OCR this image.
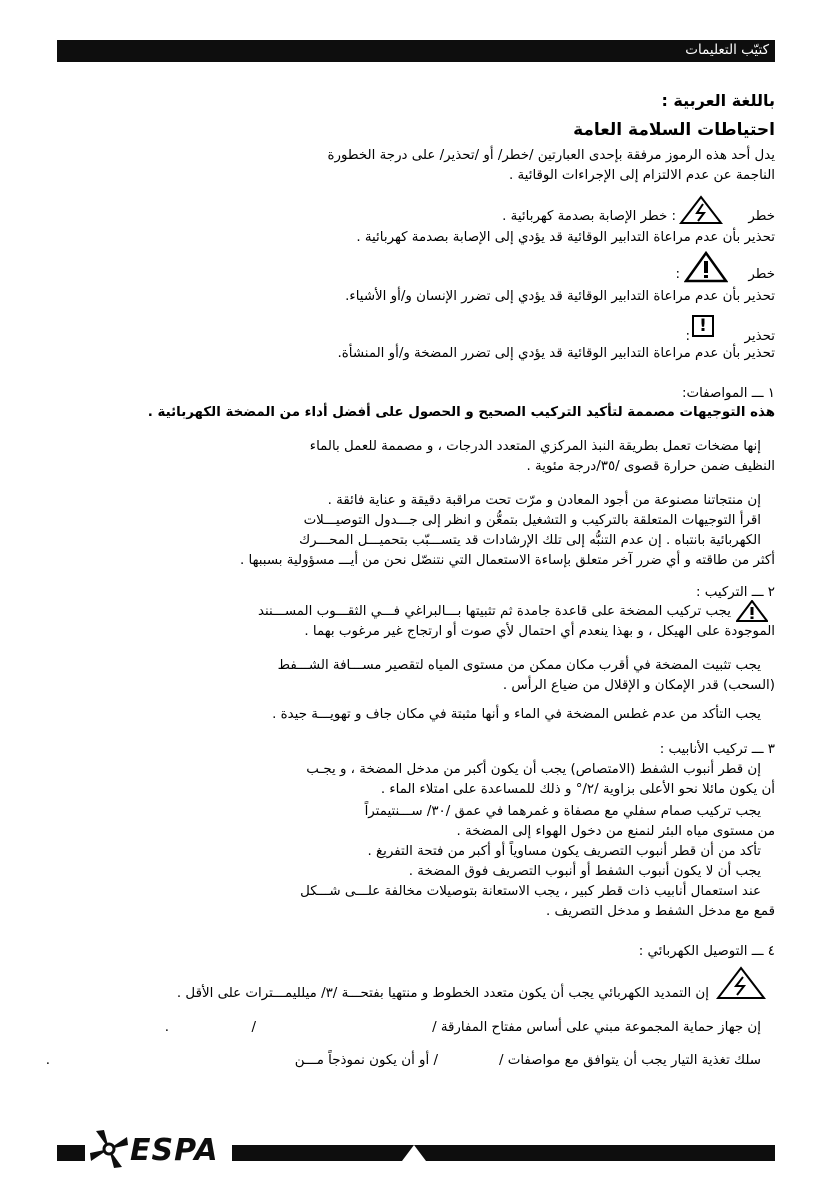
كتيّب التعليمات
باللغة العربية :
احتياطات السلامة العامة
يدل أحد هذه الرموز مرفقة بإحدى العبارتين /خطر/ أو /تحذير/ على درجة الخطورة
الناجمة عن عدم الالتزام إلى الإجراءات الوقائية .
خطر
: خطر الإصابة بصدمة كهربائية .
تحذير بأن عدم مراعاة التدابير الوقائية قد يؤدي إلى الإصابة بصدمة كهربائية .
خطر
:
تحذير بأن عدم مراعاة التدابير الوقائية قد يؤدي إلى تضرر الإنسان و/أو الأشياء.
تحذير
!
:
تحذير بأن عدم مراعاة التدابير الوقائية قد يؤدي إلى تضرر المضخة و/أو المنشأة.
١ ـــ المواصفات:
هذه التوجيهات مصممة لتأكيد التركيب الصحيح و الحصول على أفضل أداء من المضخة الكهربائية .
إنها مضخات تعمل بطريقة النبذ المركزي المتعدد الدرجات ، و مصممة للعمل بالماء
النظيف ضمن حرارة قصوى /٣٥/درجة مئوية .
إن منتجاتنا مصنوعة من أجود المعادن و مرّت تحت مراقبة دقيقة و عناية فائقة .
اقرأ التوجيهات المتعلقة بالتركيب و التشغيل بتمعُّن و انظر إلى جـــدول التوصيـــلات
الكهربائية بانتباه . إن عدم التنبُّه إلى تلك الإرشادات قد يتســـبّب بتحميـــل المحـــرك
أكثر من طاقته و أي ضرر آخر متعلق بإساءة الاستعمال التي نتنصّل نحن من أيـــ مسؤولية بسببها .
٢ ـــ التركيب :
يجب تركيب المضخة على قاعدة جامدة ثم تثبيتها بـــالبراغي فـــي الثقـــوب المســـنند
الموجودة على الهيكل ، و بهذا ينعدم أي احتمال لأي صوت أو ارتجاج غير مرغوب بهما .
يجب تثبيت المضخة في أقرب مكان ممكن من مستوى المياه لتقصير مســـافة الشـــفط
(السحب) قدر الإمكان و الإقلال من ضياع الرأس .
يجب التأكد من عدم غطس المضخة في الماء و أنها مثبتة في مكان جاف و تهويـــة جيدة .
٣ ـــ تركيب الأنابيب :
إن قطر أنبوب الشفط (الامتصاص) يجب أن يكون أكبر من مدخل المضخة ، و يجـب
أن يكون مائلا نحو الأعلى بزاوية /٢/° و ذلك للمساعدة على امتلاء الماء .
يجب تركيب صمام سفلي مع مصفاة و غمرهما في عمق /٣٠/ ســـنتيمتراً
من مستوى مياه البئر لنمنع من دخول الهواء إلى المضخة .
تأكد من أن قطر أنبوب التصريف يكون مساوياً أو أكبر من فتحة التفريغ .
يجب أن لا يكون أنبوب الشفط أو أنبوب التصريف فوق المضخة .
عند استعمال أنابيب ذات قطر كبير ، يجب الاستعانة بتوصيلات مخالفة علـــى شـــكل
قمع مع مدخل الشفط و مدخل التصريف .
٤ ـــ التوصيل الكهربائي :
إن التمديد الكهربائي يجب أن يكون متعدد الخطوط و منتهيا بفتحـــة /٣/ ميلليمـــترات على الأقل .
إن جهاز حماية المجموعة مبني على أساس مفتاح المفارقة /
/
.
سلك تغذية التيار يجب أن يتوافق مع مواصفات /
/ أو أن يكون نموذجاً مـــن
.
ESPA
